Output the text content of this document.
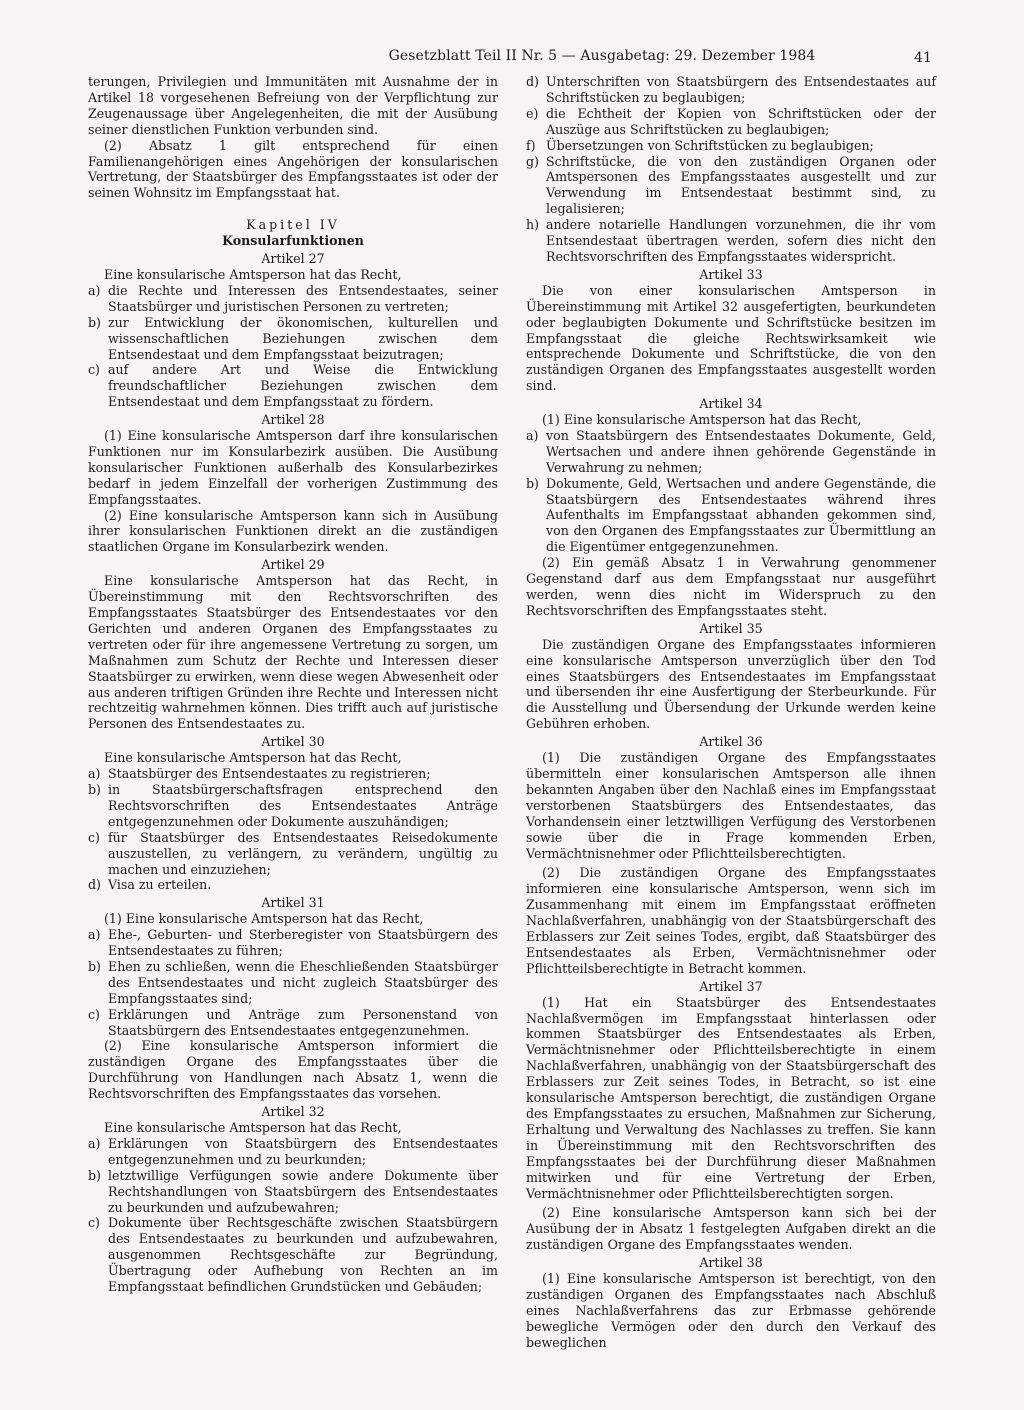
Gesetzblatt Teil II Nr. 5 — Ausgabetag: 29. Dezember 1984	41

terungen, Privilegien und Immunitäten mit Ausnahme der in Artikel 18 vorgesehenen Befreiung von der Verpflichtung zur Zeugenaussage über Angelegenheiten, die mit der Ausübung seiner dienstlichen Funktion verbunden sind.

(2) Absatz 1 gilt entsprechend für einen Familienangehörigen eines Angehörigen der konsularischen Vertretung, der Staatsbürger des Empfangsstaates ist oder der seinen Wohnsitz im Empfangsstaat hat.

Kapitel IV
Konsularfunktionen
Artikel 27

Eine konsularische Amtsperson hat das Recht,

a) die Rechte und Interessen des Entsendestaates, seiner Staatsbürger und juristischen Personen zu vertreten;
b) zur Entwicklung der ökonomischen, kulturellen und wissenschaftlichen Beziehungen zwischen dem Entsendestaat und dem Empfangsstaat beizutragen;
c) auf andere Art und Weise die Entwicklung freundschaftlicher Beziehungen zwischen dem Entsendestaat und dem Empfangsstaat zu fördern.
Artikel 28

(1) Eine konsularische Amtsperson darf ihre konsularischen Funktionen nur im Konsularbezirk ausüben. Die Ausübung konsularischer Funktionen außerhalb des Konsularbezirkes bedarf in jedem Einzelfall der vorherigen Zustimmung des Empfangsstaates.

(2) Eine konsularische Amtsperson kann sich in Ausübung ihrer konsularischen Funktionen direkt an die zuständigen staatlichen Organe im Konsularbezirk wenden.

Artikel 29

Eine konsularische Amtsperson hat das Recht, in Übereinstimmung mit den Rechtsvorschriften des Empfangsstaates Staatsbürger des Entsendestaates vor den Gerichten und anderen Organen des Empfangsstaates zu vertreten oder für ihre angemessene Vertretung zu sorgen, um Maßnahmen zum Schutz der Rechte und Interessen dieser Staatsbürger zu erwirken, wenn diese wegen Abwesenheit oder aus anderen triftigen Gründen ihre Rechte und Interessen nicht rechtzeitig wahrnehmen können. Dies trifft auch auf juristische Personen des Entsendestaates zu.

Artikel 30

Eine konsularische Amtsperson hat das Recht,

a) Staatsbürger des Entsendestaates zu registrieren;
b) in Staatsbürgerschaftsfragen entsprechend den Rechtsvorschriften des Entsendestaates Anträge entgegenzunehmen oder Dokumente auszuhändigen;
c) für Staatsbürger des Entsendestaates Reisedokumente auszustellen, zu verlängern, zu verändern, ungültig zu machen und einzuziehen;
d) Visa zu erteilen.
Artikel 31

(1) Eine konsularische Amtsperson hat das Recht,

a) Ehe-, Geburten- und Sterberegister von Staatsbürgern des Entsendestaates zu führen;
b) Ehen zu schließen, wenn die Eheschließenden Staatsbürger des Entsendestaates und nicht zugleich Staatsbürger des Empfangsstaates sind;
c) Erklärungen und Anträge zum Personenstand von Staatsbürgern des Entsendestaates entgegenzunehmen.

(2) Eine konsularische Amtsperson informiert die zuständigen Organe des Empfangsstaates über die Durchführung von Handlungen nach Absatz 1, wenn die Rechtsvorschriften des Empfangsstaates das vorsehen.

Artikel 32

Eine konsularische Amtsperson hat das Recht,

a) Erklärungen von Staatsbürgern des Entsendestaates entgegenzunehmen und zu beurkunden;
b) letztwillige Verfügungen sowie andere Dokumente über Rechtshandlungen von Staatsbürgern des Entsendestaates zu beurkunden und aufzubewahren;
c) Dokumente über Rechtsgeschäfte zwischen Staatsbürgern des Entsendestaates zu beurkunden und aufzubewahren, ausgenommen Rechtsgeschäfte zur Begründung, Übertragung oder Aufhebung von Rechten an im Empfangsstaat befindlichen Grundstücken und Gebäuden;
d) Unterschriften von Staatsbürgern des Entsendestaates auf Schriftstücken zu beglaubigen;
e) die Echtheit der Kopien von Schriftstücken oder der Auszüge aus Schriftstücken zu beglaubigen;
f) Übersetzungen von Schriftstücken zu beglaubigen;
g) Schriftstücke, die von den zuständigen Organen oder Amtspersonen des Empfangsstaates ausgestellt und zur Verwendung im Entsendestaat bestimmt sind, zu legalisieren;
h) andere notarielle Handlungen vorzunehmen, die ihr vom Entsendestaat übertragen werden, sofern dies nicht den Rechtsvorschriften des Empfangsstaates widerspricht.
Artikel 33

Die von einer konsularischen Amtsperson in Übereinstimmung mit Artikel 32 ausgefertigten, beurkundeten oder beglaubigten Dokumente und Schriftstücke besitzen im Empfangsstaat die gleiche Rechtswirksamkeit wie entsprechende Dokumente und Schriftstücke, die von den zuständigen Organen des Empfangsstaates ausgestellt worden sind.

Artikel 34

(1) Eine konsularische Amtsperson hat das Recht,

a) von Staatsbürgern des Entsendestaates Dokumente, Geld, Wertsachen und andere ihnen gehörende Gegenstände in Verwahrung zu nehmen;
b) Dokumente, Geld, Wertsachen und andere Gegenstände, die Staatsbürgern des Entsendestaates während ihres Aufenthalts im Empfangsstaat abhanden gekommen sind, von den Organen des Empfangsstaates zur Übermittlung an die Eigentümer entgegenzunehmen.

(2) Ein gemäß Absatz 1 in Verwahrung genommener Gegenstand darf aus dem Empfangsstaat nur ausgeführt werden, wenn dies nicht im Widerspruch zu den Rechtsvorschriften des Empfangsstaates steht.

Artikel 35

Die zuständigen Organe des Empfangsstaates informieren eine konsularische Amtsperson unverzüglich über den Tod eines Staatsbürgers des Entsendestaates im Empfangsstaat und übersenden ihr eine Ausfertigung der Sterbeurkunde. Für die Ausstellung und Übersendung der Urkunde werden keine Gebühren erhoben.

Artikel 36

(1) Die zuständigen Organe des Empfangsstaates übermitteln einer konsularischen Amtsperson alle ihnen bekannten Angaben über den Nachlaß eines im Empfangsstaat verstorbenen Staatsbürgers des Entsendestaates, das Vorhandensein einer letztwilligen Verfügung des Verstorbenen sowie über die in Frage kommenden Erben, Vermächtnisnehmer oder Pflichtteilsberechtigten.

(2) Die zuständigen Organe des Empfangsstaates informieren eine konsularische Amtsperson, wenn sich im Zusammenhang mit einem im Empfangsstaat eröffneten Nachlaßverfahren, unabhängig von der Staatsbürgerschaft des Erblassers zur Zeit seines Todes, ergibt, daß Staatsbürger des Entsendestaates als Erben, Vermächtnisnehmer oder Pflichtteilsberechtigte in Betracht kommen.

Artikel 37

(1) Hat ein Staatsbürger des Entsendestaates Nachlaßvermögen im Empfangsstaat hinterlassen oder kommen Staatsbürger des Entsendestaates als Erben, Vermächtnisnehmer oder Pflichtteilsberechtigte in einem Nachlaßverfahren, unabhängig von der Staatsbürgerschaft des Erblassers zur Zeit seines Todes, in Betracht, so ist eine konsularische Amtsperson berechtigt, die zuständigen Organe des Empfangsstaates zu ersuchen, Maßnahmen zur Sicherung, Erhaltung und Verwaltung des Nachlasses zu treffen. Sie kann in Übereinstimmung mit den Rechtsvorschriften des Empfangsstaates bei der Durchführung dieser Maßnahmen mitwirken und für eine Vertretung der Erben, Vermächtnisnehmer oder Pflichtteilsberechtigten sorgen.

(2) Eine konsularische Amtsperson kann sich bei der Ausübung der in Absatz 1 festgelegten Aufgaben direkt an die zuständigen Organe des Empfangsstaates wenden.

Artikel 38

(1) Eine konsularische Amtsperson ist berechtigt, von den zuständigen Organen des Empfangsstaates nach Abschluß eines Nachlaßverfahrens das zur Erbmasse gehörende bewegliche Vermögen oder den durch den Verkauf des beweglichen
